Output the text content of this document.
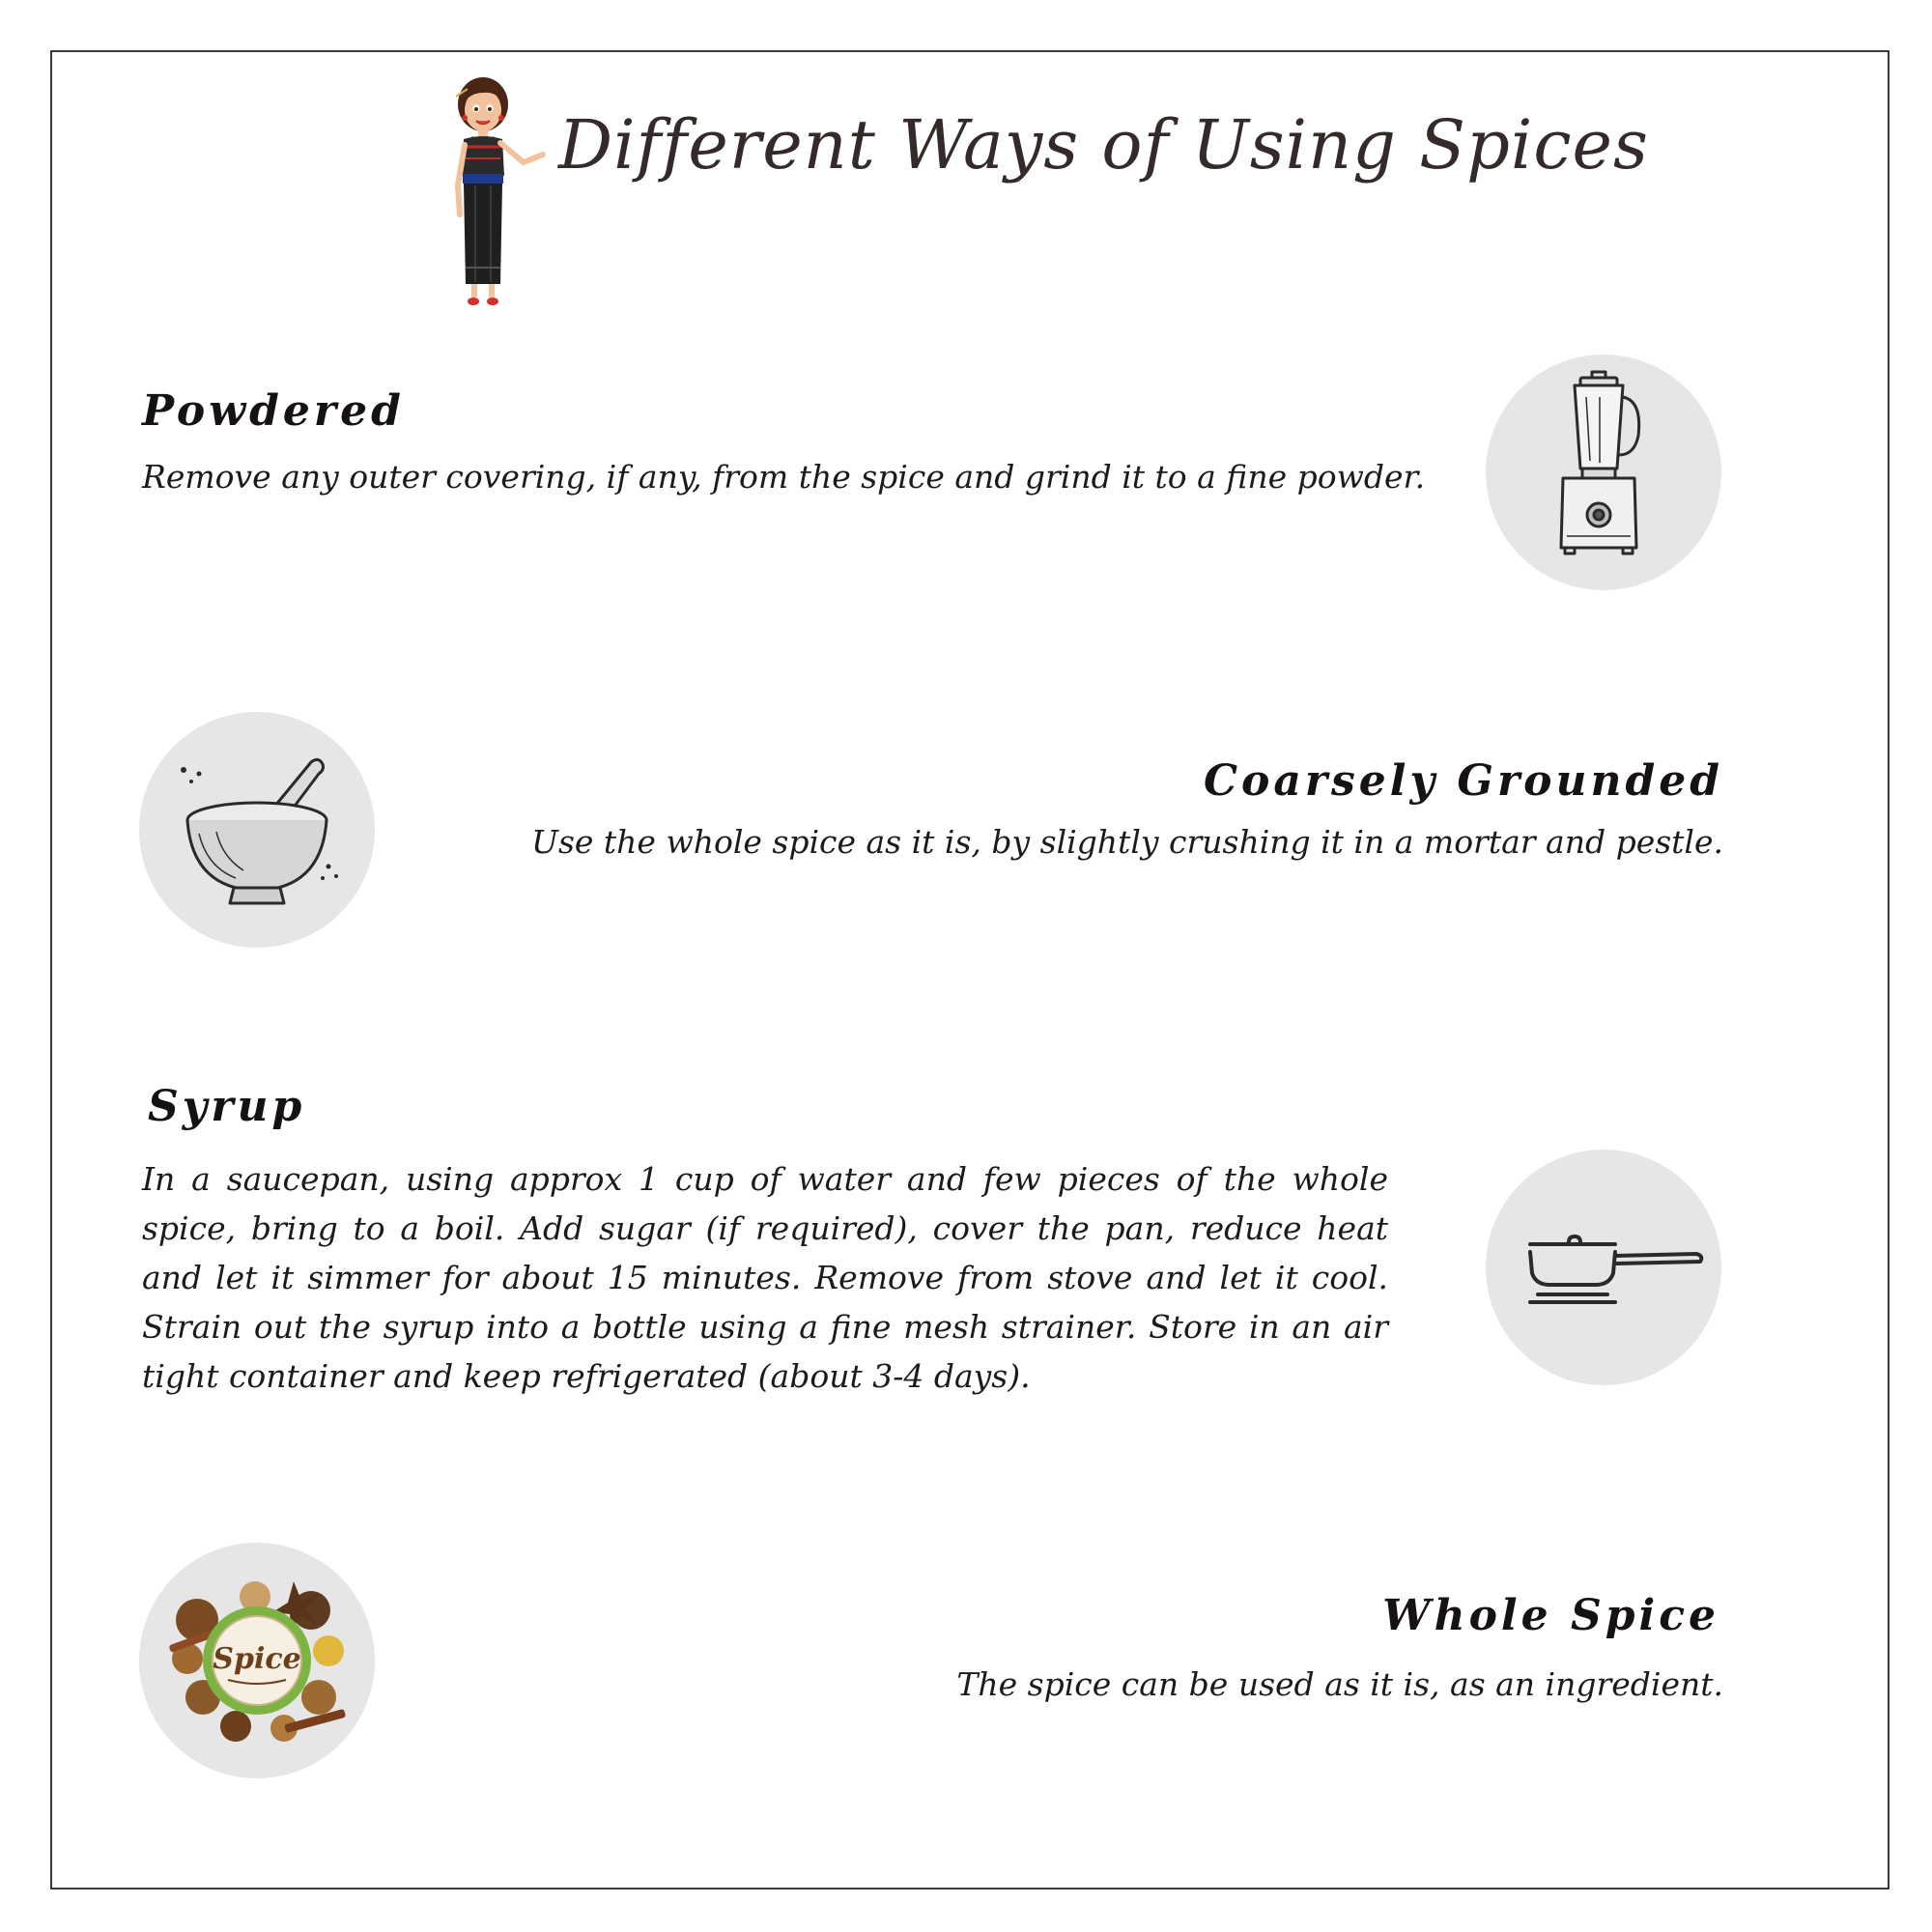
Different Ways of Using Spices
Powdered
Remove any outer covering, if any, from the spice and grind it to a fine powder.
Coarsely Grounded
Use the whole spice as it is, by slightly crushing it in a mortar and pestle.
Syrup
In a saucepan, using approx 1 cup of water and few pieces of the whole spice, bring to a boil. Add sugar (if required), cover the pan, reduce heat and let it simmer for about 15 minutes. Remove from stove and let it cool. Strain out the syrup into a bottle using a fine mesh strainer. Store in an air tight container and keep refrigerated (about 3-4 days).
Spice
Whole Spice
The spice can be used as it is, as an ingredient.
